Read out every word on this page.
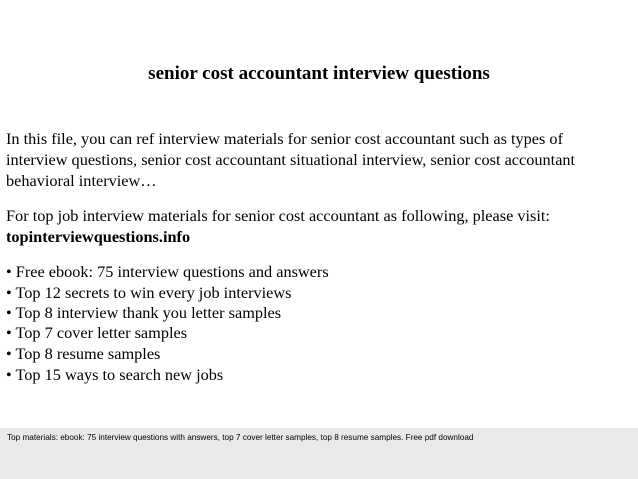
senior cost accountant interview questions

In this file, you can ref interview materials for senior cost accountant such as types of
interview questions, senior cost accountant situational interview, senior cost accountant
behavioral interview…

For top job interview materials for senior cost accountant as following, please visit:
topinterviewquestions.info

• Free ebook: 75 interview questions and answers
• Top 12 secrets to win every job interviews
• Top 8 interview thank you letter samples
• Top 7 cover letter samples
• Top 8 resume samples
• Top 15 ways to search new jobs
Top materials: ebook: 75 interview questions with answers, top 7 cover letter samples, top 8 resume samples. Free pdf download
